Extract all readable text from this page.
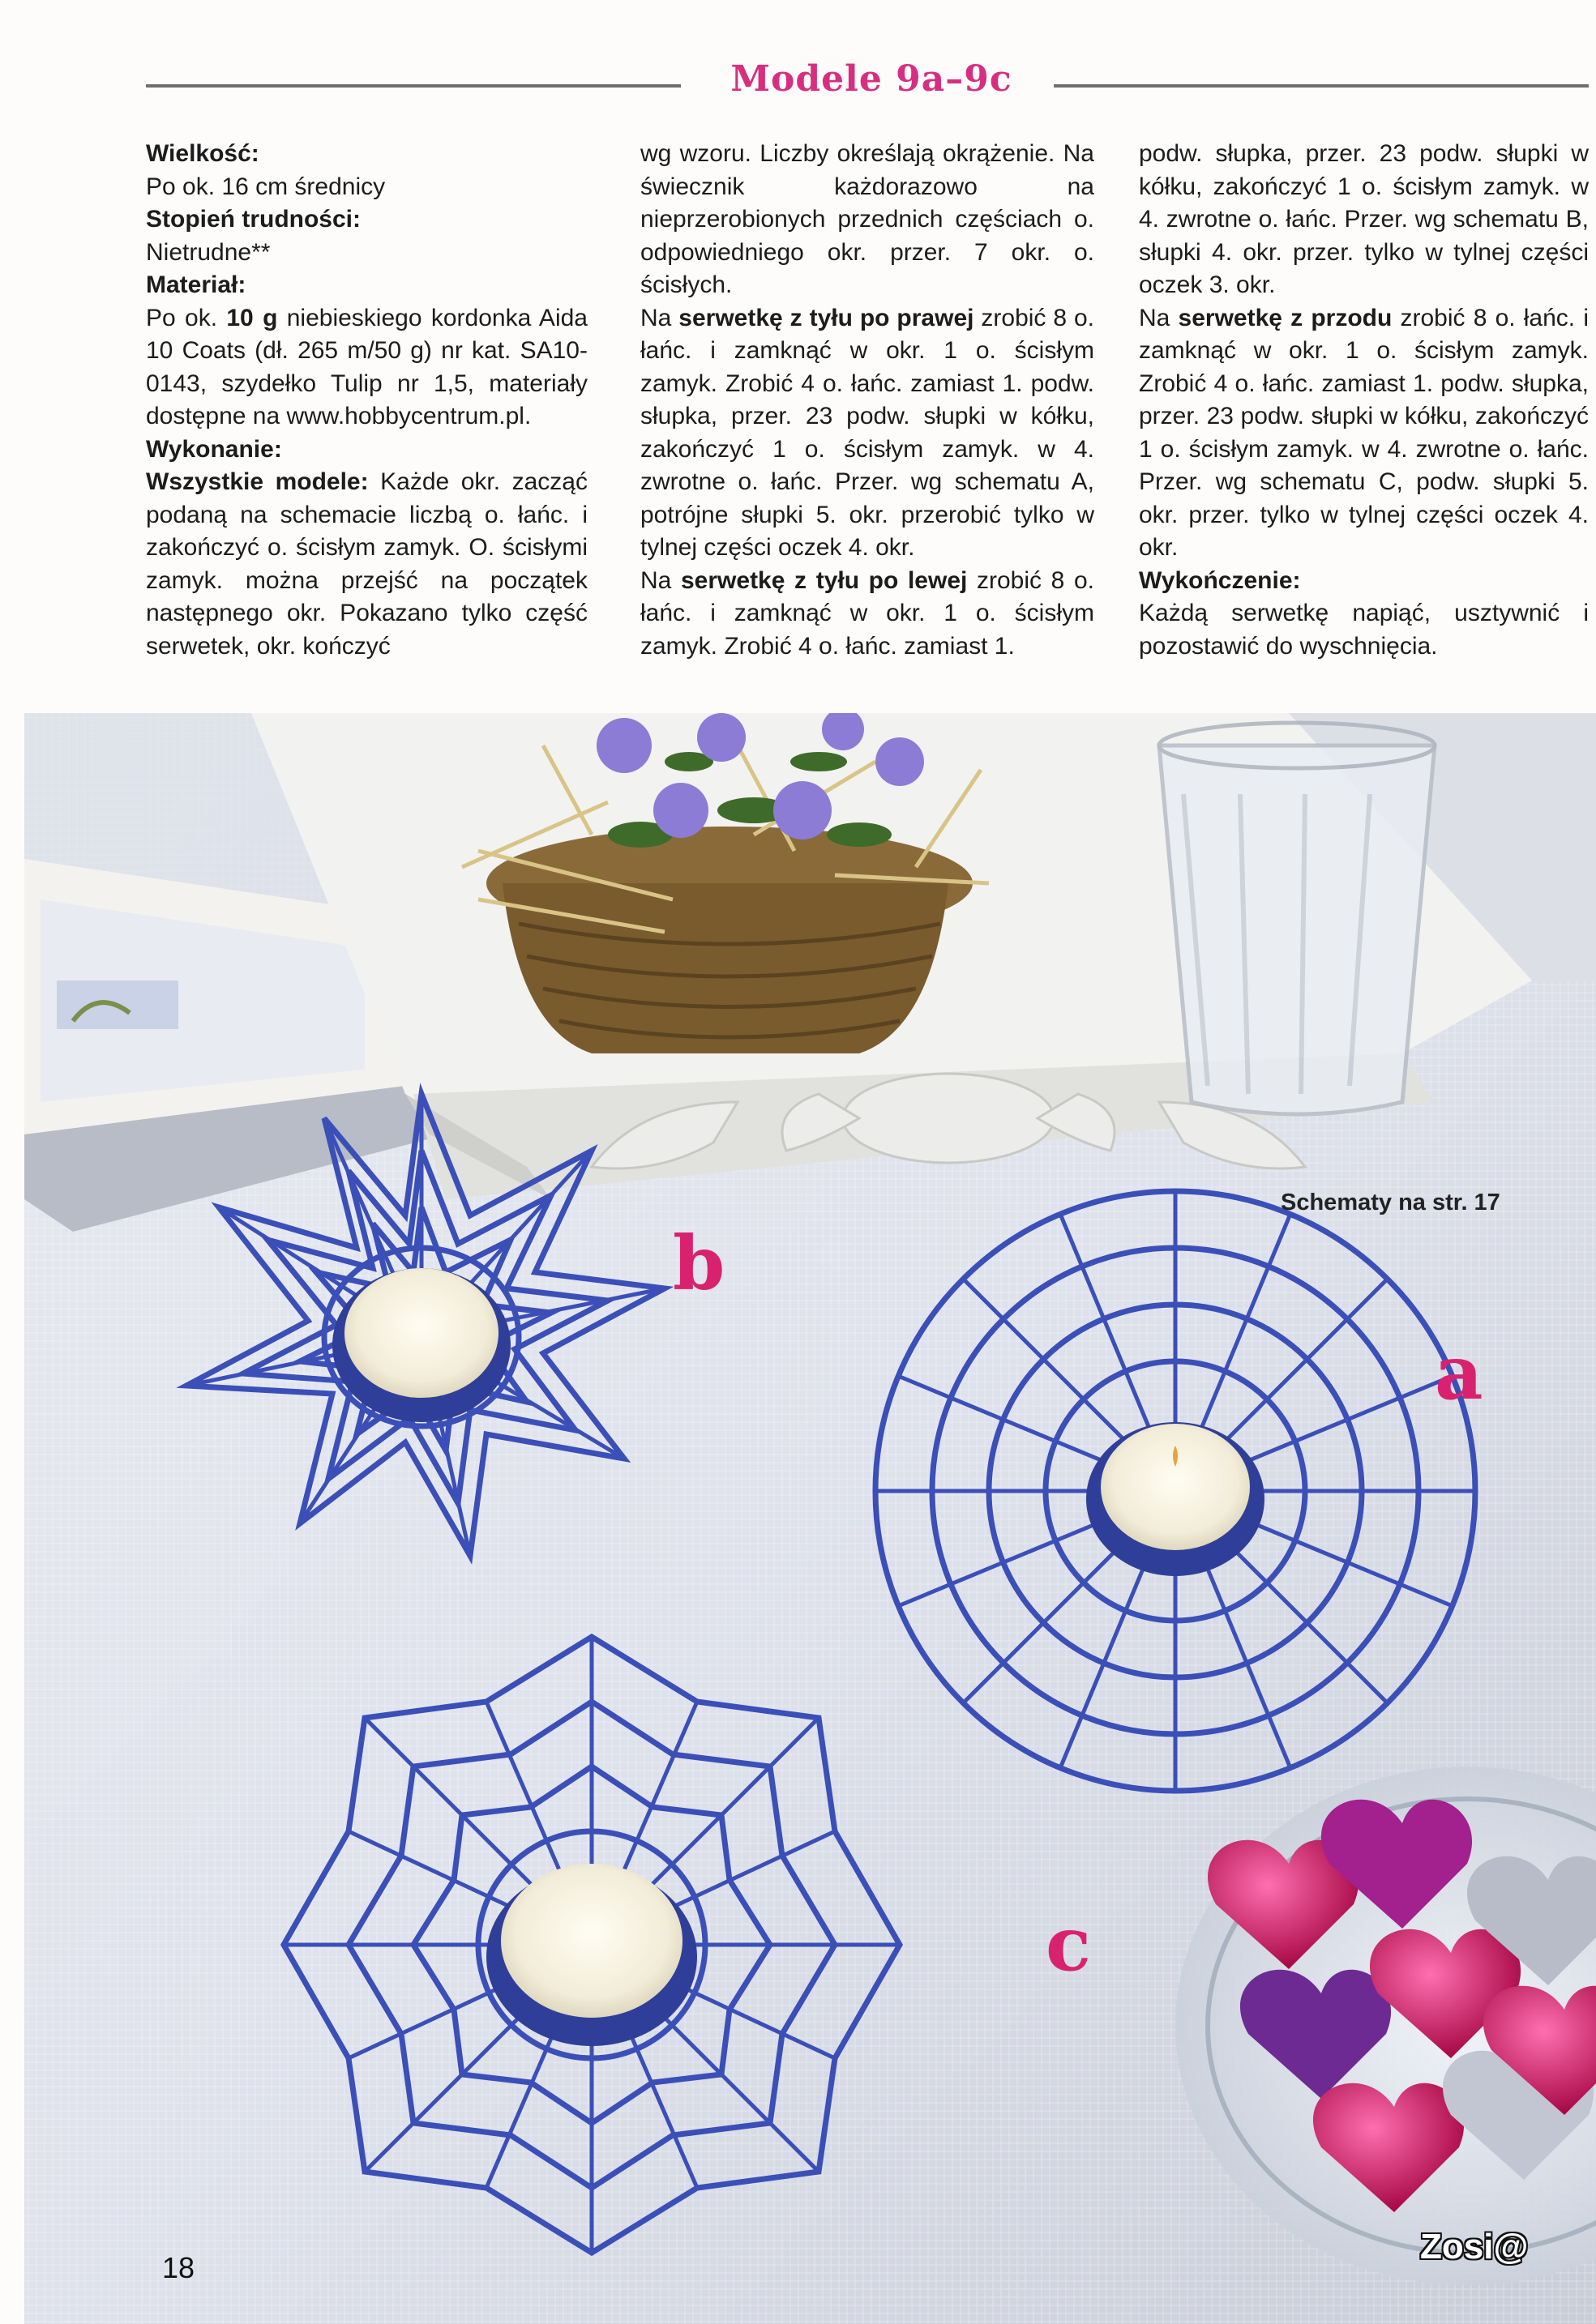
Modele 9a–9c

Wielkość:

Po ok. 16 cm średnicy

Stopień trudności:

Nietrudne**

Materiał:

Po ok. 10 g niebieskiego kordonka Aida 10 Coats (dł. 265 m/50 g) nr kat. SA10-0143, szydełko Tulip nr 1,5, materiały dostępne na www.hobbycentrum.pl.

Wykonanie:

Wszystkie modele: Każde okr. zacząć podaną na schemacie liczbą o. łańc. i zakończyć o. ścisłym zamyk. O. ścisłymi zamyk. można przejść na początek następnego okr. Pokazano tylko część serwetek, okr. kończyć

wg wzoru. Liczby określają okrążenie. Na świecznik każdorazowo na nieprzerobionych przednich częściach o. odpowiedniego okr. przer. 7 okr. o. ścisłych.

Na serwetkę z tyłu po prawej zrobić 8 o. łańc. i zamknąć w okr. 1 o. ścisłym zamyk. Zrobić 4 o. łańc. zamiast 1. podw. słupka, przer. 23 podw. słupki w kółku, zakończyć 1 o. ścisłym zamyk. w 4. zwrotne o. łańc. Przer. wg schematu A, potrójne słupki 5. okr. przerobić tylko w tylnej części oczek 4. okr.

Na serwetkę z tyłu po lewej zrobić 8 o. łańc. i zamknąć w okr. 1 o. ścisłym zamyk. Zrobić 4 o. łańc. zamiast 1.

podw. słupka, przer. 23 podw. słupki w kółku, zakończyć 1 o. ścisłym zamyk. w 4. zwrotne o. łańc. Przer. wg schematu B, słupki 4. okr. przer. tylko w tylnej części oczek 3. okr.

Na serwetkę z przodu zrobić 8 o. łańc. i zamknąć w okr. 1 o. ścisłym zamyk. Zrobić 4 o. łańc. zamiast 1. podw. słupka, przer. 23 podw. słupki w kółku, zakończyć 1 o. ścisłym zamyk. w 4. zwrotne o. łańc. Przer. wg schematu C, podw. słupki 5. okr. przer. tylko w tylnej części oczek 4. okr.

Wykończenie:

Każdą serwetkę napiąć, usztywnić i pozostawić do wyschnięcia.

b
a
c
Schematy na str. 17
18
Zosi@
